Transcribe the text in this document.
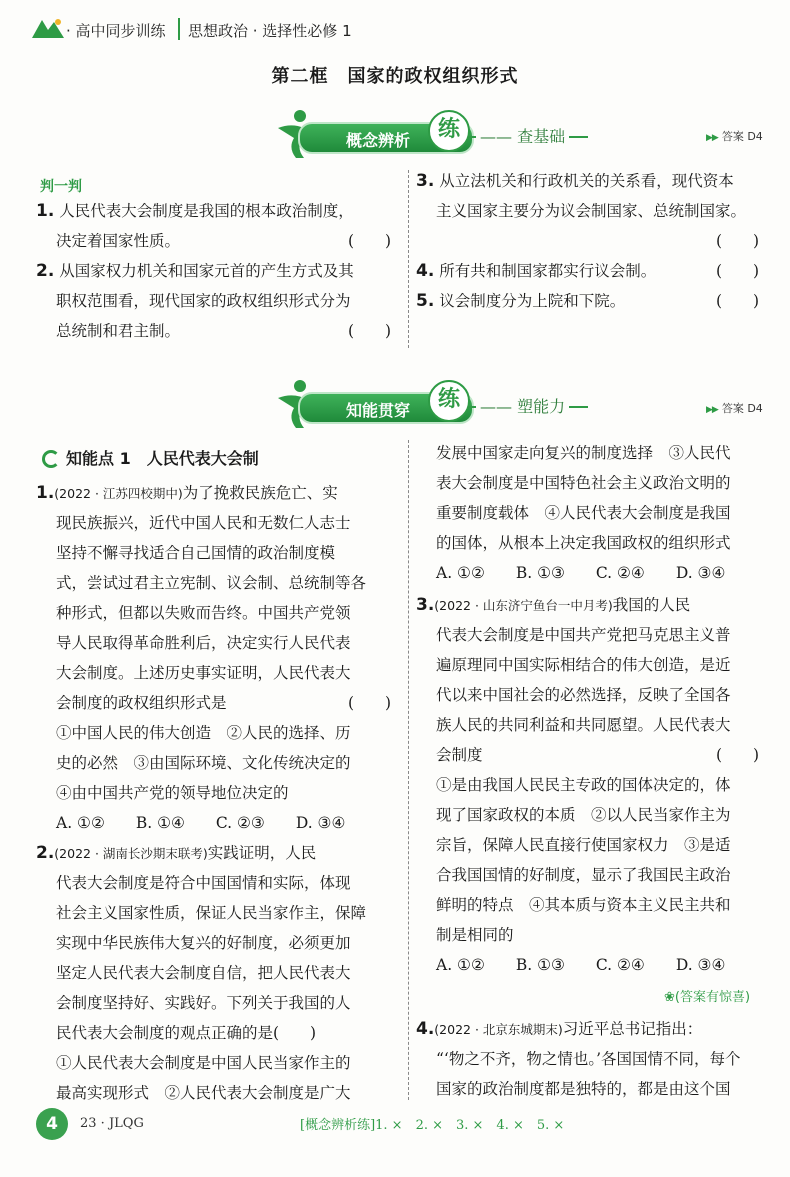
· 高中同步训练 思想政治 · 选择性必修 1
第二框　国家的政权组织形式
概念辨析	练	—— 查基础	▶▶ 答案 D4
判一判
1. 人民代表大会制度是我国的根本政治制度，
决定着国家性质。	(　　)
2. 从国家权力机关和国家元首的产生方式及其
职权范围看，现代国家的政权组织形式分为
总统制和君主制。	(　　)
3. 从立法机关和行政机关的关系看，现代资本
主义国家主要分为议会制国家、总统制国家。
(　　)
4. 所有共和制国家都实行议会制。	(　　)
5. 议会制度分为上院和下院。	(　　)
知能贯穿	练	—— 塑能力	▶▶ 答案 D4
知能点 1　人民代表大会制
1.(2022 · 江苏四校期中)为了挽救民族危亡、实
现民族振兴，近代中国人民和无数仁人志士
坚持不懈寻找适合自己国情的政治制度模
式，尝试过君主立宪制、议会制、总统制等各
种形式，但都以失败而告终。中国共产党领
导人民取得革命胜利后，决定实行人民代表
大会制度。上述历史事实证明，人民代表大
会制度的政权组织形式是	(　　)
①中国人民的伟大创造　②人民的选择、历
史的必然　③由国际环境、文化传统决定的
④由中国共产党的领导地位决定的
A. ①②　　B. ①④　　C. ②③　　D. ③④
2.(2022 · 湖南长沙期末联考)实践证明，人民
代表大会制度是符合中国国情和实际，体现
社会主义国家性质，保证人民当家作主，保障
实现中华民族伟大复兴的好制度，必须更加
坚定人民代表大会制度自信，把人民代表大
会制度坚持好、实践好。下列关于我国的人
民代表大会制度的观点正确的是(　　)
①人民代表大会制度是中国人民当家作主的
最高实现形式　②人民代表大会制度是广大
发展中国家走向复兴的制度选择　③人民代
表大会制度是中国特色社会主义政治文明的
重要制度载体　④人民代表大会制度是我国
的国体，从根本上决定我国政权的组织形式
A. ①②　　B. ①③　　C. ②④　　D. ③④
3.(2022 · 山东济宁鱼台一中月考)我国的人民
代表大会制度是中国共产党把马克思主义普
遍原理同中国实际相结合的伟大创造，是近
代以来中国社会的必然选择，反映了全国各
族人民的共同利益和共同愿望。人民代表大
会制度	(　　)
①是由我国人民民主专政的国体决定的，体
现了国家政权的本质　②以人民当家作主为
宗旨，保障人民直接行使国家权力　③是适
合我国国情的好制度，显示了我国民主政治
鲜明的特点　④其本质与资本主义民主共和
制是相同的
A. ①②　　B. ①③　　C. ②④　　D. ③④
❀(答案有惊喜)
4.(2022 · 北京东城期末)习近平总书记指出：
“‘物之不齐，物之情也。’各国国情不同，每个
国家的政治制度都是独特的，都是由这个国
4	23 · JLQG	[概念辨析练]1. ×　2. ×　3. ×　4. ×　5. ×
